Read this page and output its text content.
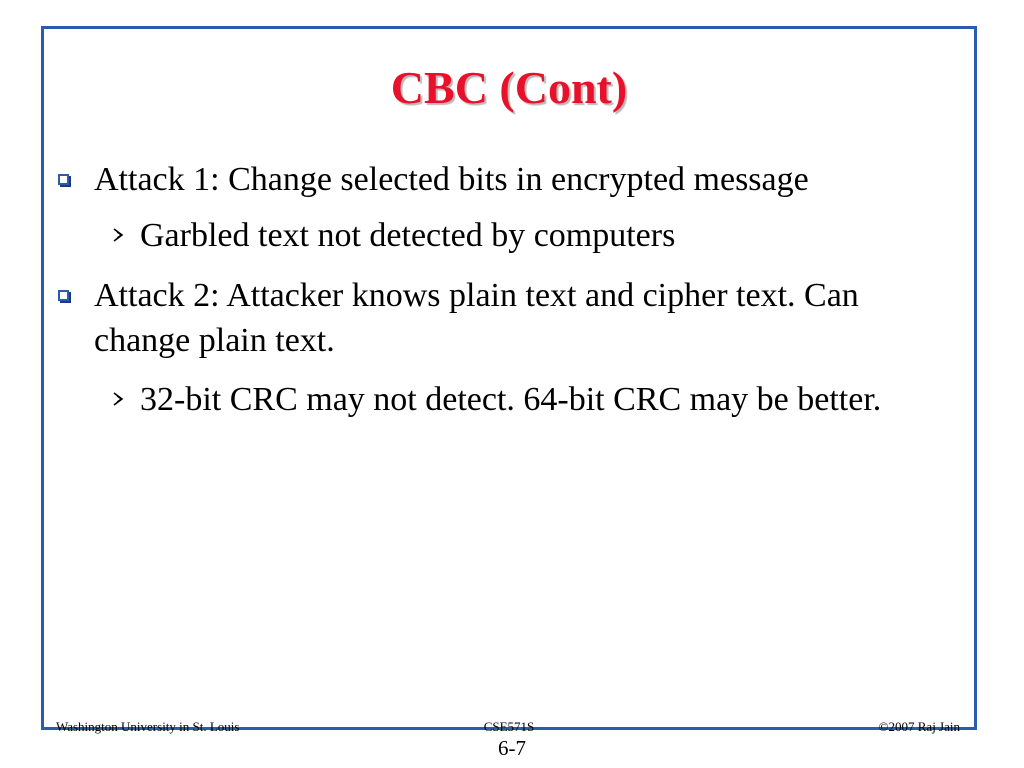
CBC (Cont)
Attack 1: Change selected bits in encrypted message
Garbled text not detected by computers
Attack 2: Attacker knows plain text and cipher text. Can change plain text.
32-bit CRC may not detect. 64-bit CRC may be better.
Washington University in St. Louis	CSE571S	©2007 Raj Jain
6-7
